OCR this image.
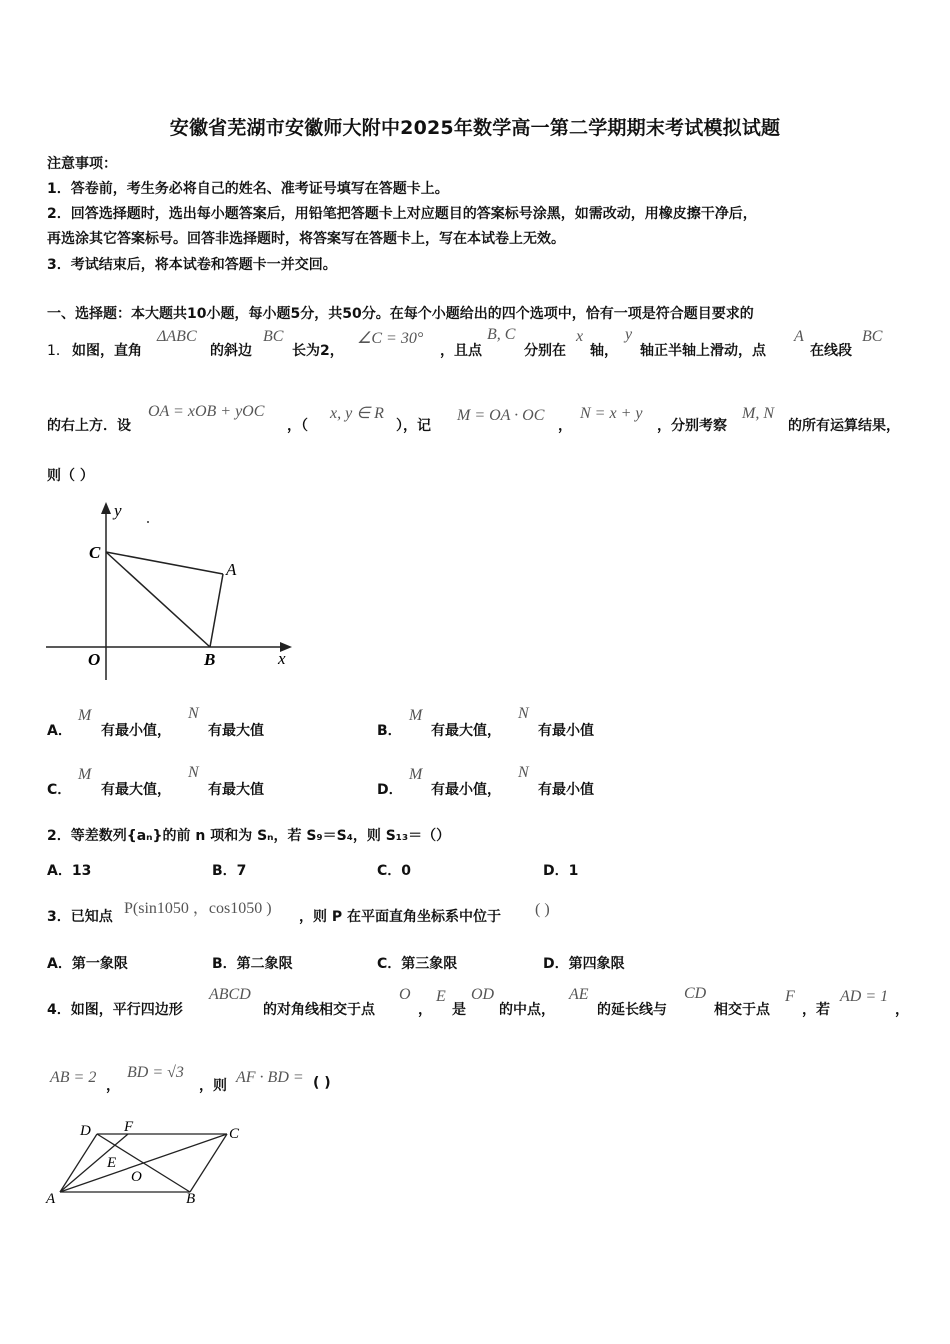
安徽省芜湖市安徽师大附中2025年数学高一第二学期期末考试模拟试题
注意事项：
1．答卷前，考生务必将自己的姓名、准考证号填写在答题卡上。
2．回答选择题时，选出每小题答案后，用铅笔把答题卡上对应题目的答案标号涂黑，如需改动，用橡皮擦干净后，
再选涂其它答案标号。回答非选择题时，将答案写在答题卡上，写在本试卷上无效。
3．考试结束后，将本试卷和答题卡一并交回。
一、选择题：本大题共10小题，每小题5分，共50分。在每个小题给出的四个选项中，恰有一项是符合题目要求的
1． 如图，直角
ΔABC
的斜边
BC
长为2，
∠C = 30°
，且点
B, C
分别在
x
轴，
y
轴正半轴上滑动，点
A
在线段
BC
的右上方．设
OA = xOB + yOC
，（
x, y ∈ R
），记
M = OA · OC
，
N = x + y
，分别考察
M, N
的所有运算结果，
则（ ）
y
C
A
O	B	x
A．
M
有最小值，
N
有最大值	B．
M
有最大值，
N
有最小值
C．
M
有最大值，
N
有最大值	D．
M
有最小值，
N
有最小值
2．等差数列{aₙ}的前 n 项和为 Sₙ，若 S₉＝S₄，则 S₁₃＝（）
A．13	B．7	C．0	D．1
3．已知点 P(sin1050 ，cos1050 ) ，则 P 在平面直角坐标系中位于 ( )
A．第一象限	B．第二象限	C．第三象限	D．第四象限
4．如图，平行四边形
ABCD
的对角线相交于点
O
，
E
是
OD
的中点，
AE
的延长线与
CD
相交于点
F
，若
AD = 1
，
AB = 2 ，
BD = √3
，则 AF · BD = ( )
D F	C
E
O
A	B
